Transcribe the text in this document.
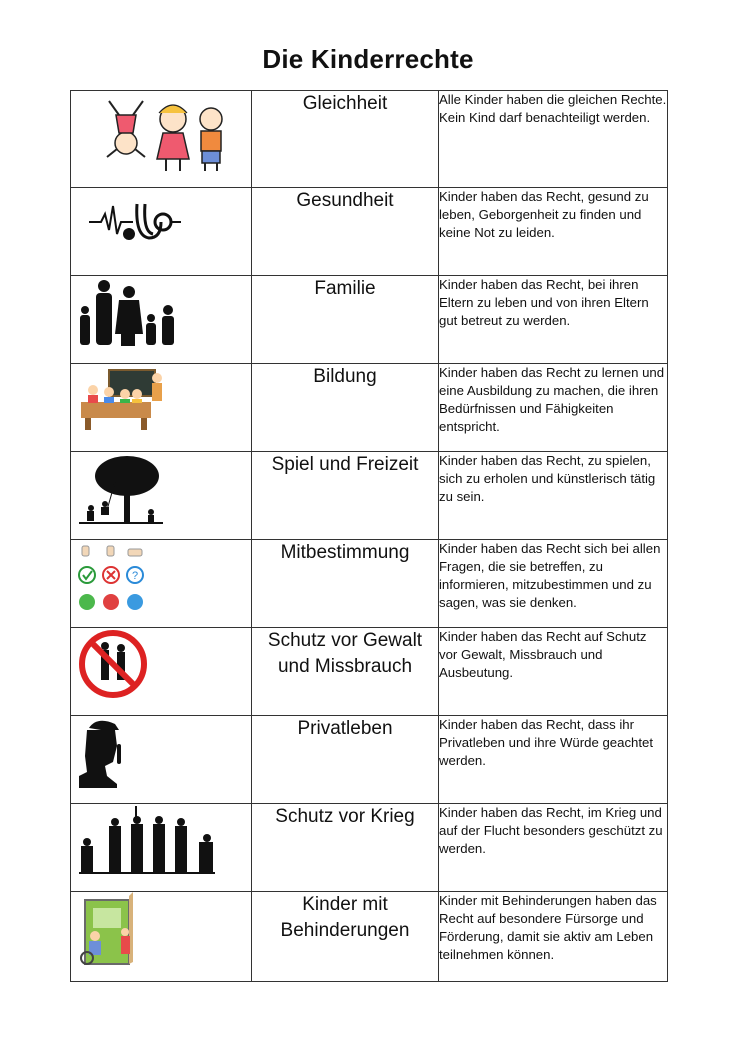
Die Kinderrechte
	Gleichheit	Alle Kinder haben die gleichen Rechte. Kein Kind darf benachteiligt werden.

	Gesundheit	Kinder haben das Recht, gesund zu leben, Geborgenheit zu finden und keine Not zu leiden.

	Familie	Kinder haben das Recht, bei ihren Eltern zu leben und von ihren Eltern gut betreut zu werden.

	Bildung	Kinder haben das Recht zu lernen und eine Ausbildung zu machen, die ihren Bedürfnissen und Fähigkeiten entspricht.

	Spiel und Freizeit	Kinder haben das Recht, zu spielen, sich zu erholen und künstlerisch tätig zu sein.

?	Mitbestimmung	Kinder haben das Recht sich bei allen Fragen, die sie betreffen, zu informieren, mitzubestimmen und zu sagen, was sie denken.

	Schutz vor Gewalt und Missbrauch	Kinder haben das Recht auf Schutz vor Gewalt, Missbrauch und Ausbeutung.

	Privatleben	Kinder haben das Recht, dass ihr Privatleben und ihre Würde geachtet werden.

	Schutz vor Krieg	Kinder haben das Recht, im Krieg und auf der Flucht besonders geschützt zu werden.

	Kinder mit Behinderungen	Kinder mit Behinderungen haben das Recht auf besondere Fürsorge und Förderung, damit sie aktiv am Leben teilnehmen können.
